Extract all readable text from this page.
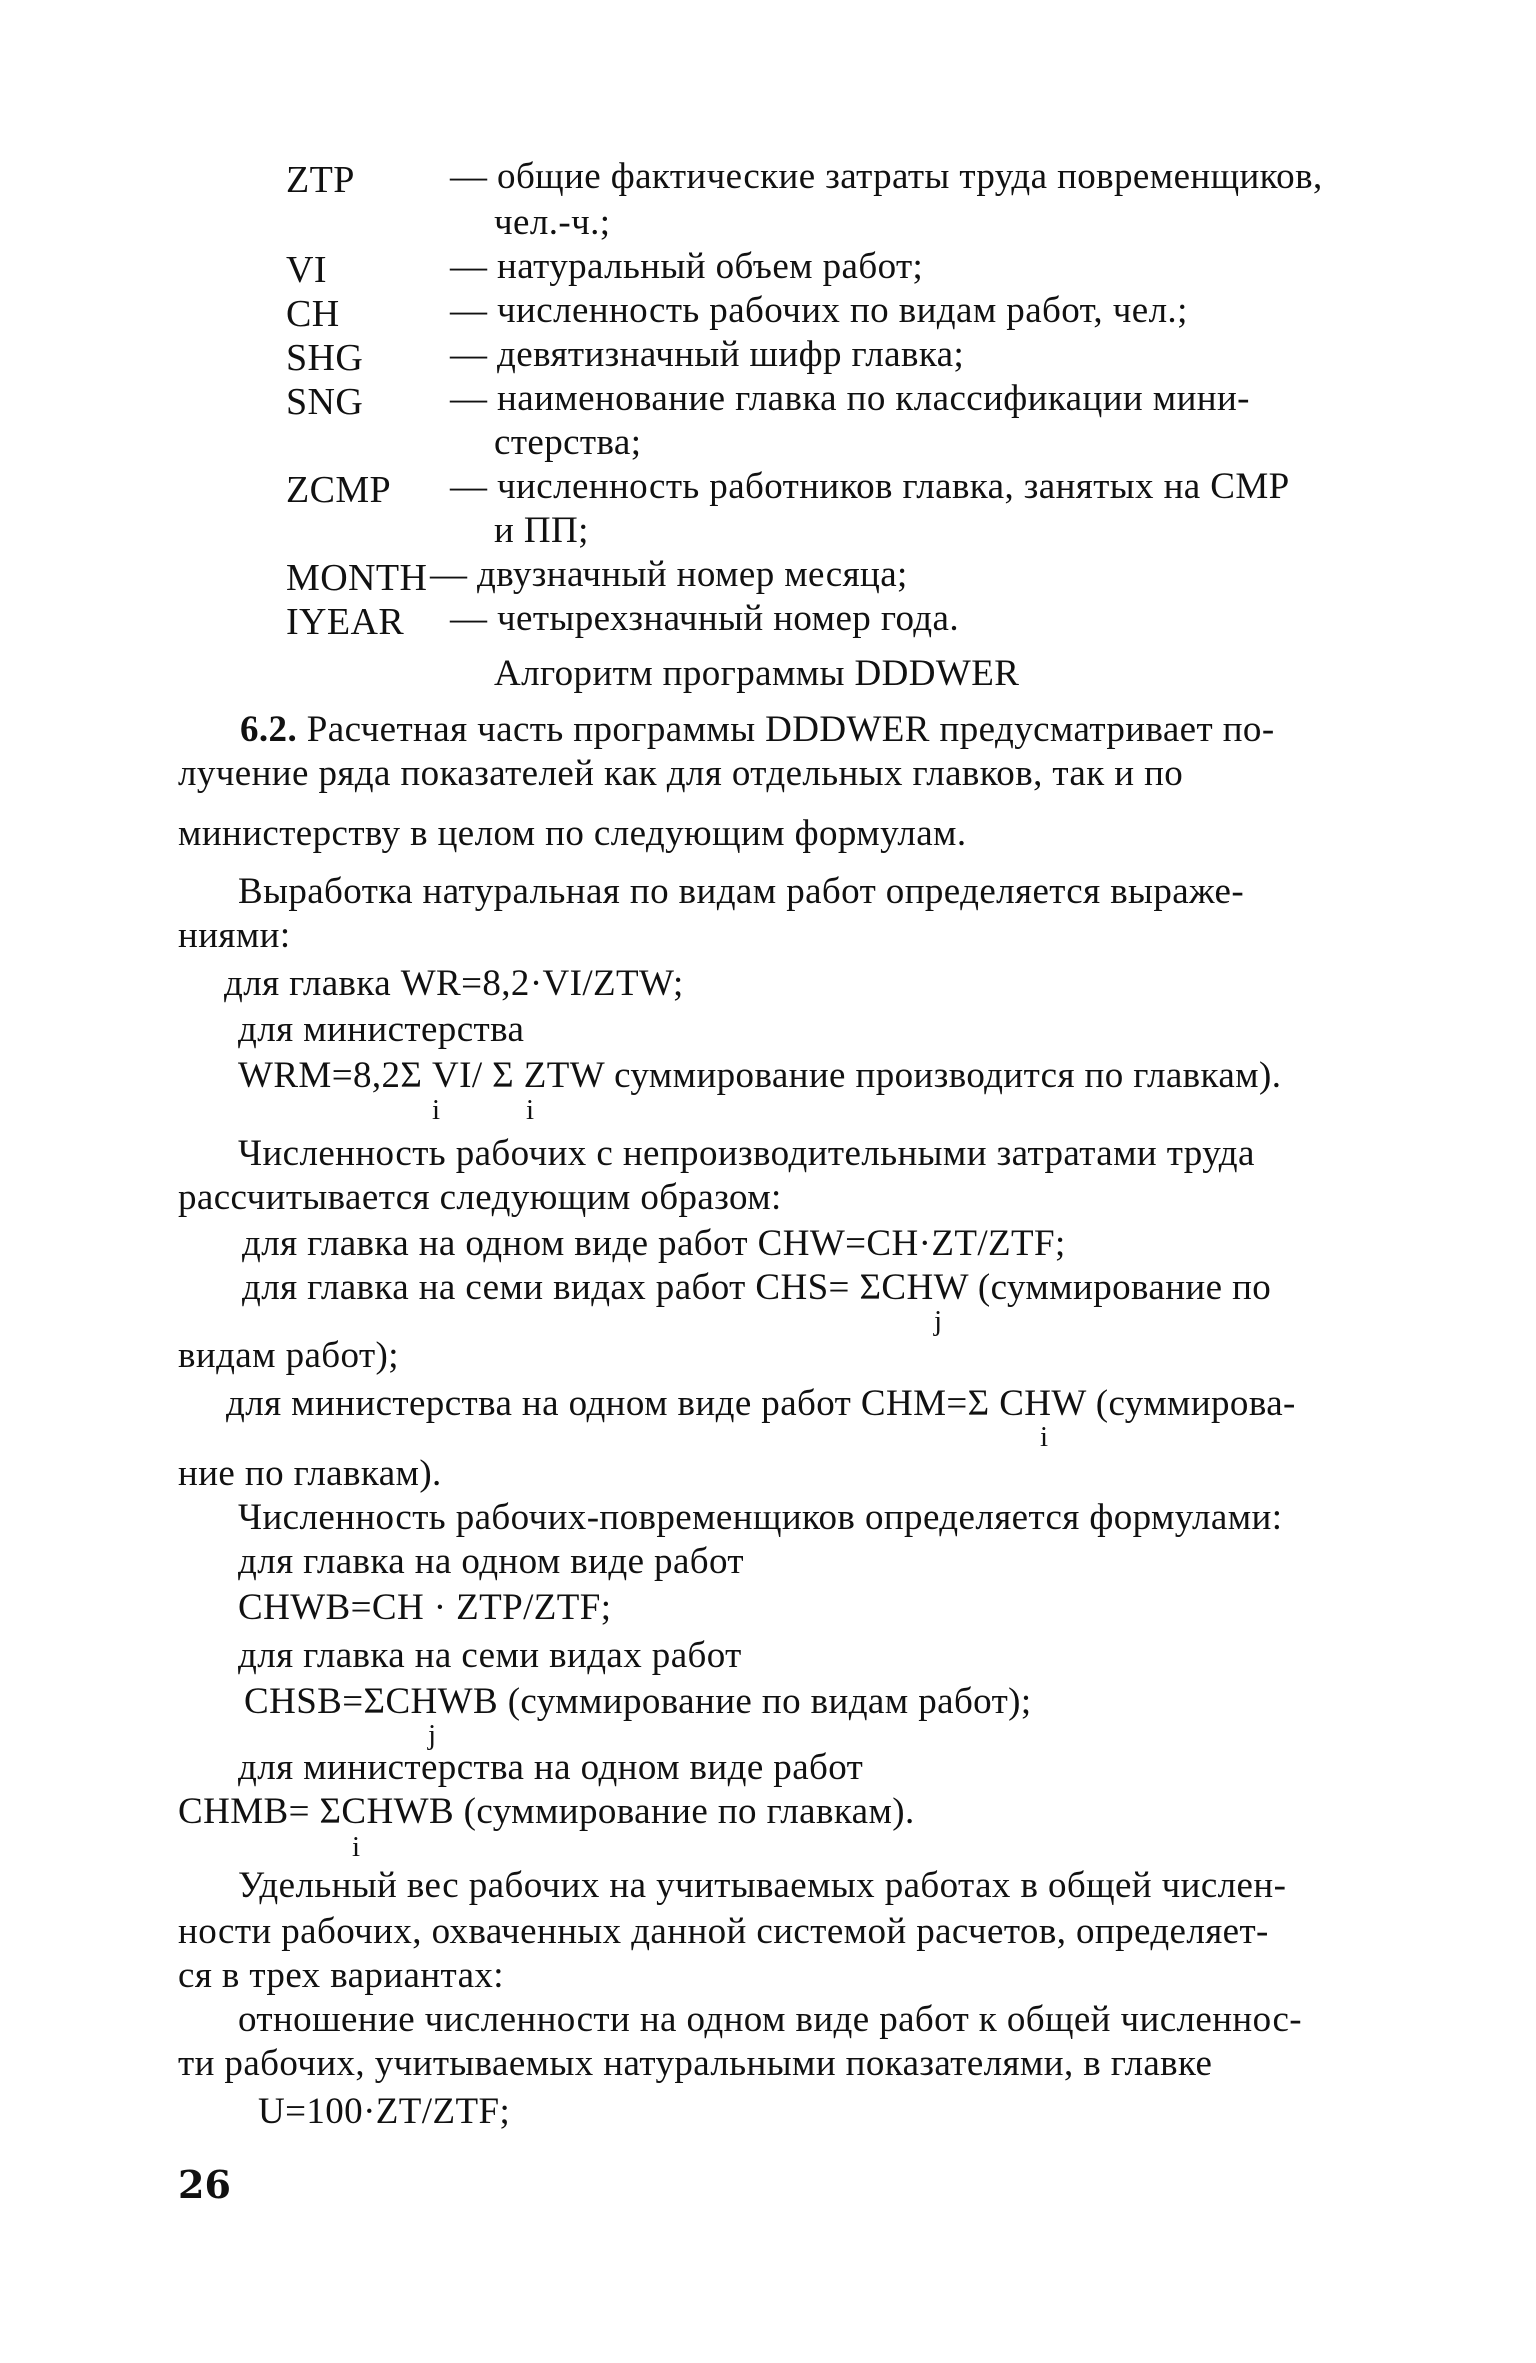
ZTP	— общие фактические затраты труда повременщиков,
чел.-ч.;
VI	— натуральный объем работ;
CH	— численность рабочих по видам работ, чел.;
SHG — девятизначный шифр главка;
SNG — наименование главка по классификации мини-
стерства;
ZCMP — численность работников главка, занятых на СМР
и ПП;
MONTH — двузначный номер месяца;
IYEAR — четырехзначный номер года.
Алгоритм программы DDDWER
6.2. Расчетная часть программы DDDWER предусматривает по-
лучение ряда показателей как для отдельных главков, так и по
министерству в целом по следующим формулам.
Выработка натуральная по видам работ определяется выраже-
ниями:
для главка WR=8,2·VI/ZTW;
для министерства
WRM=8,2Σ VI/ Σ ZTW суммирование производится по главкам).
i	i
Численность рабочих с непроизводительными затратами труда
рассчитывается следующим образом:
для главка на одном виде работ CHW=CH·ZT/ZTF;
для главка на семи видах работ CHS= ΣCHW (суммирование по
j
видам работ);
для министерства на одном виде работ CHM=Σ CHW (суммирова-
i
ние по главкам).
Численность рабочих-повременщиков определяется формулами:
для главка на одном виде работ
CHWB=CH · ZTP/ZTF;
для главка на семи видах работ
CHSB=ΣCHWB (суммирование по видам работ);
j
для министерства на одном виде работ
CHMB= ΣCHWB (суммирование по главкам).
i
Удельный вес рабочих на учитываемых работах в общей числен-
ности рабочих, охваченных данной системой расчетов, определяет-
ся в трех вариантах:
отношение численности на одном виде работ к общей численнос-
ти рабочих, учитываемых натуральными показателями, в главке
U=100·ZT/ZTF;
26
